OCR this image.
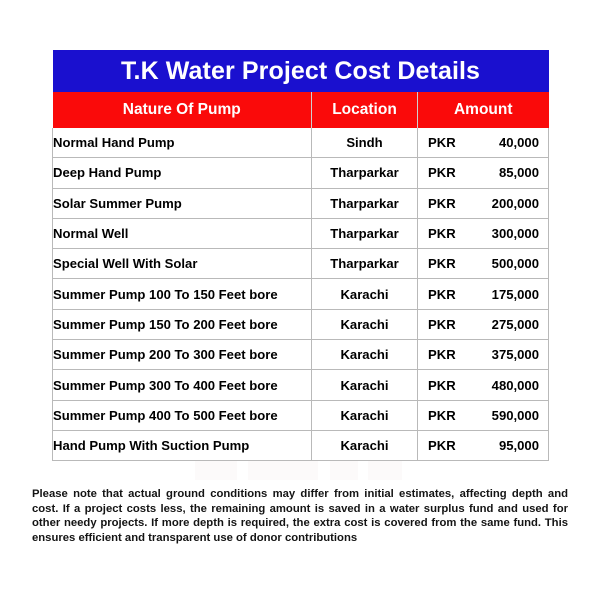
T.K Water Project Cost Details		
Nature Of Pump	Location	Amount
Normal Hand Pump	Sindh	PKR 40,000

Deep Hand Pump	Tharparkar	PKR 85,000

Solar Summer Pump	Tharparkar	PKR 200,000

Normal Well	Tharparkar	PKR 300,000

Special Well With Solar	Tharparkar	PKR 500,000

Summer Pump 100 To 150 Feet bore	Karachi	PKR 175,000

Summer Pump 150 To 200 Feet bore	Karachi	PKR 275,000

Summer Pump 200 To 300 Feet bore	Karachi	PKR 375,000

Summer Pump 300 To 400 Feet bore	Karachi	PKR 480,000

Summer Pump 400 To 500 Feet bore	Karachi	PKR 590,000

Hand Pump With Suction Pump	Karachi	PKR 95,000
Please note that actual ground conditions may differ from initial estimates, affecting depth and cost. If a project costs less, the remaining amount is saved in a water surplus fund and used for other needy projects. If more depth is required, the extra cost is covered from the same fund. This ensures efficient and transparent use of donor contributions
